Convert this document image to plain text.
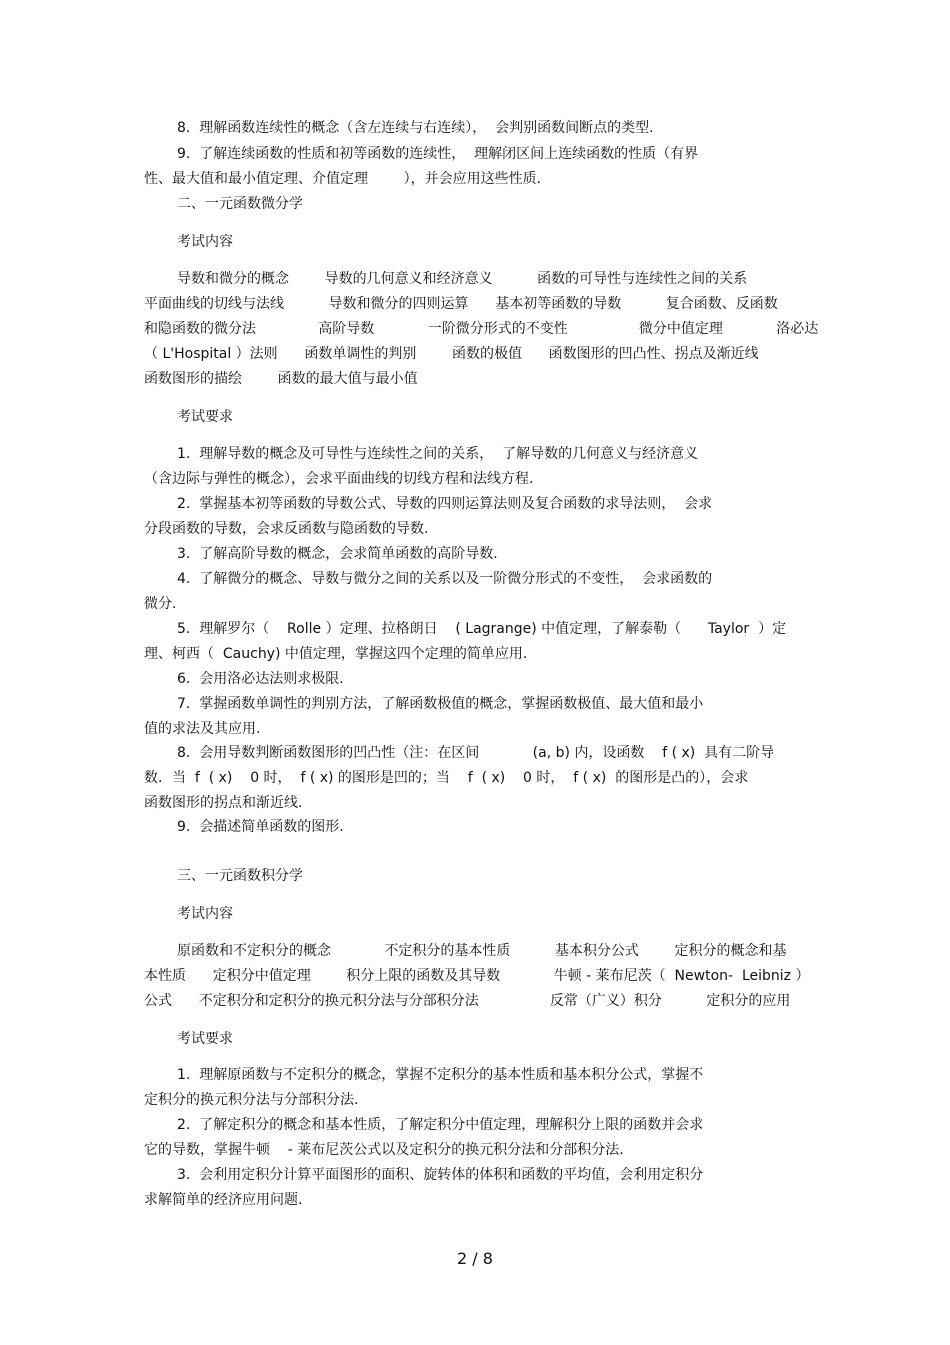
8.  理解函数连续性的概念（含左连续与右连续），  会判别函数间断点的类型.
9.  了解连续函数的性质和初等函数的连续性，  理解闭区间上连续函数的性质（有界
性、最大值和最小值定理、介值定理        ），并会应用这些性质.
二、一元函数微分学
考试内容
导数和微分的概念        导数的几何意义和经济意义          函数的可导性与连续性之间的关系
平面曲线的切线与法线          导数和微分的四则运算      基本初等函数的导数          复合函数、反函数
和隐函数的微分法              高阶导数            一阶微分形式的不变性                微分中值定理            洛必达
（ L'Hospital ）法则      函数单调性的判别        函数的极值      函数图形的凹凸性、拐点及渐近线
函数图形的描绘        函数的最大值与最小值
考试要求
1.  理解导数的概念及可导性与连续性之间的关系，  了解导数的几何意义与经济意义
（含边际与弹性的概念），会求平面曲线的切线方程和法线方程.
2.  掌握基本初等函数的导数公式、导数的四则运算法则及复合函数的求导法则，  会求
分段函数的导数，会求反函数与隐函数的导数.
3.  了解高阶导数的概念，会求简单函数的高阶导数.
4.  了解微分的概念、导数与微分之间的关系以及一阶微分形式的不变性，  会求函数的
微分.
5.  理解罗尔（    Rolle ）定理、拉格朗日    ( Lagrange) 中值定理，了解泰勒（      Taylor  ）定
理、柯西（  Cauchy) 中值定理，掌握这四个定理的简单应用.
6.  会用洛必达法则求极限.
7.  掌握函数单调性的判别方法，了解函数极值的概念，掌握函数极值、最大值和最小
值的求法及其应用.
8.  会用导数判断函数图形的凹凸性（注：在区间            (a, b) 内，设函数    f ( x)  具有二阶导
数．当  f  ( x)    0 时，  f ( x) 的图形是凹的；当    f  ( x)    0 时，  f ( x)  的图形是凸的），会求
函数图形的拐点和渐近线.
9.  会描述简单函数的图形.
三、一元函数积分学
考试内容
原函数和不定积分的概念            不定积分的基本性质          基本积分公式        定积分的概念和基
本性质      定积分中值定理        积分上限的函数及其导数            牛顿 - 莱布尼茨（  Newton-  Leibniz ）
公式      不定积分和定积分的换元积分法与分部积分法                反常（广义）积分          定积分的应用
考试要求
1.  理解原函数与不定积分的概念，掌握不定积分的基本性质和基本积分公式，掌握不
定积分的换元积分法与分部积分法.
2.  了解定积分的概念和基本性质，了解定积分中值定理，理解积分上限的函数并会求
它的导数，掌握牛顿    - 莱布尼茨公式以及定积分的换元积分法和分部积分法.
3.  会利用定积分计算平面图形的面积、旋转体的体积和函数的平均值，会利用定积分
求解简单的经济应用问题.
2 / 8
